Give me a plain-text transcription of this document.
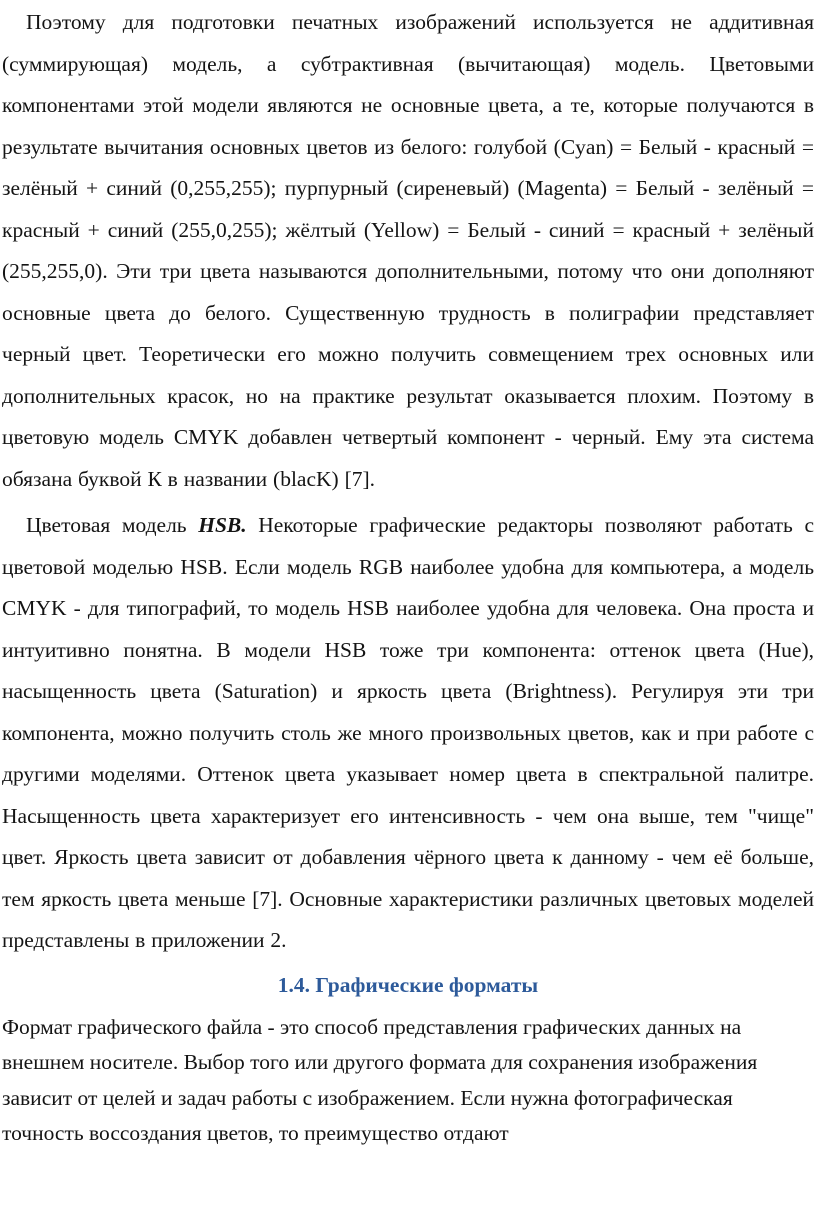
Поэтому для подготовки печатных изображений используется не аддитивная (суммирующая) модель, а субтрактивная (вычитающая) модель. Цветовыми компонентами этой модели являются не основные цвета, а те, которые получаются в результате вычитания основных цветов из белого: голубой (Cyan) = Белый - красный = зелёный + синий (0,255,255); пурпурный (сиреневый) (Magenta) = Белый - зелёный = красный + синий (255,0,255); жёлтый (Yellow) = Белый - синий = красный + зелёный (255,255,0). Эти три цвета называются дополнительными, потому что они дополняют основные цвета до белого. Существенную трудность в полиграфии представляет черный цвет. Теоретически его можно получить совмещением трех основных или дополнительных красок, но на практике результат оказывается плохим. Поэтому в цветовую модель CMYK добавлен четвертый компонент - черный. Ему эта система обязана буквой К в названии (blacK) [7].

Цветовая модель HSB. Некоторые графические редакторы позволяют работать с цветовой моделью HSB. Если модель RGB наиболее удобна для компьютера, а модель CMYK - для типографий, то модель HSB наиболее удобна для человека. Она проста и интуитивно понятна. В модели HSB тоже три компонента: оттенок цвета (Hue), насыщенность цвета (Saturation) и яркость цвета (Brightness). Регулируя эти три компонента, можно получить столь же много произвольных цветов, как и при работе с другими моделями. Оттенок цвета указывает номер цвета в спектральной палитре. Насыщенность цвета характеризует его интенсивность - чем она выше, тем "чище" цвет. Яркость цвета зависит от добавления чёрного цвета к данному - чем её больше, тем яркость цвета меньше [7]. Основные характеристики различных цветовых моделей представлены в приложении 2.

1.4. Графические форматы

Формат графического файла - это способ представления графических данных на внешнем носителе. Выбор того или другого формата для сохранения изображения зависит от целей и задач работы с изображением. Если нужна фотографическая точность воссоздания цветов, то преимущество отдают
